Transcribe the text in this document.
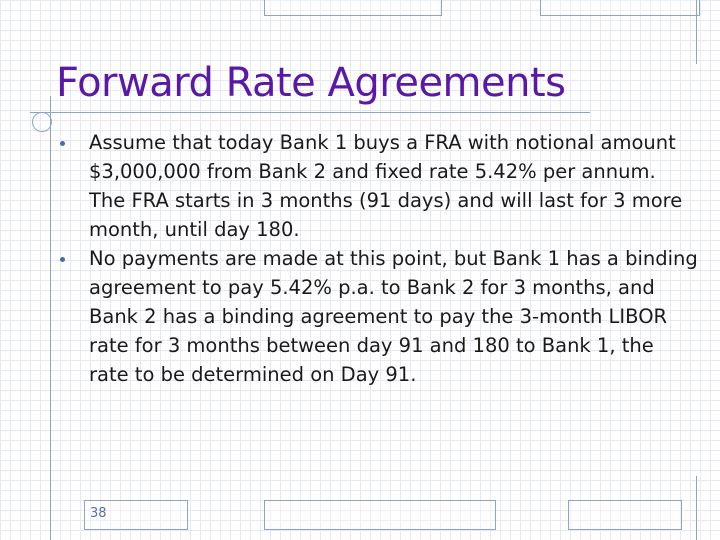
Forward Rate Agreements
Assume that today Bank 1 buys a FRA with notional amount $3,000,000 from Bank 2 and fixed rate 5.42% per annum. The FRA starts in 3 months (91 days) and will last for 3 more month, until day 180.
No payments are made at this point, but Bank 1 has a binding agreement to pay 5.42% p.a. to Bank 2 for 3 months, and Bank 2 has a binding agreement to pay the 3-month LIBOR rate for 3 months between day 91 and 180 to Bank 1, the rate to be determined on Day 91.
38
